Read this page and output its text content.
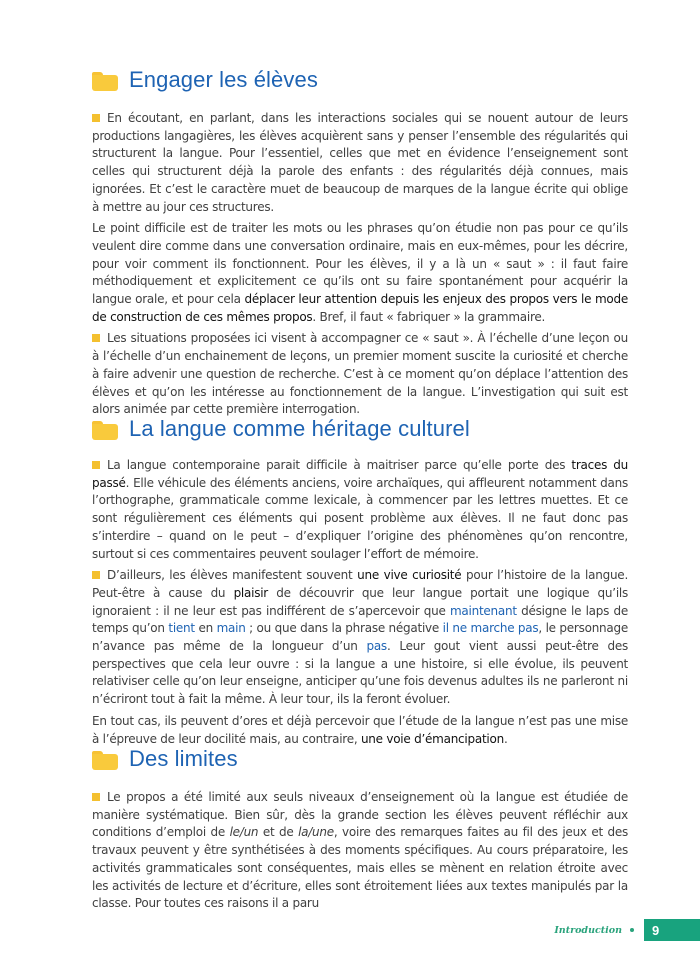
Engager les élèves

En écoutant, en parlant, dans les interactions sociales qui se nouent autour de leurs productions langagières, les élèves acquièrent sans y penser l’ensemble des régularités qui structurent la langue. Pour l’essentiel, celles que met en évidence l’enseignement sont celles qui structurent déjà la parole des enfants : des régularités déjà connues, mais ignorées. Et c’est le caractère muet de beaucoup de marques de la langue écrite qui oblige à mettre au jour ces structures.

Le point difficile est de traiter les mots ou les phrases qu’on étudie non pas pour ce qu’ils veulent dire comme dans une conversation ordinaire, mais en eux-mêmes, pour les décrire, pour voir comment ils fonctionnent. Pour les élèves, il y a là un « saut » : il faut faire méthodiquement et explicitement ce qu’ils ont su faire spontanément pour acquérir la langue orale, et pour cela déplacer leur attention depuis les enjeux des propos vers le mode de construction de ces mêmes propos. Bref, il faut « fabriquer » la grammaire.

Les situations proposées ici visent à accompagner ce « saut ». À l’échelle d’une leçon ou à l’échelle d’un enchainement de leçons, un premier moment suscite la curiosité et cherche à faire advenir une question de recherche. C’est à ce moment qu’on déplace l’attention des élèves et qu’on les intéresse au fonctionnement de la langue. L’investigation qui suit est alors animée par cette première interrogation.

La langue comme héritage culturel

La langue contemporaine parait difficile à maitriser parce qu’elle porte des traces du passé. Elle véhicule des éléments anciens, voire archaïques, qui affleurent notamment dans l’orthographe, grammaticale comme lexicale, à commencer par les lettres muettes. Et ce sont régulièrement ces éléments qui posent problème aux élèves. Il ne faut donc pas s’interdire – quand on le peut – d’expliquer l’origine des phénomènes qu’on rencontre, surtout si ces commentaires peuvent soulager l’effort de mémoire.

D’ailleurs, les élèves manifestent souvent une vive curiosité pour l’histoire de la langue. Peut-être à cause du plaisir de découvrir que leur langue portait une logique qu’ils ignoraient : il ne leur est pas indifférent de s’apercevoir que maintenant désigne le laps de temps qu’on tient en main ; ou que dans la phrase négative il ne marche pas, le personnage n’avance pas même de la longueur d’un pas. Leur gout vient aussi peut-être des perspectives que cela leur ouvre : si la langue a une histoire, si elle évolue, ils peuvent relativiser celle qu’on leur enseigne, anticiper qu’une fois devenus adultes ils ne parleront ni n’écriront tout à fait la même. À leur tour, ils la feront évoluer.

En tout cas, ils peuvent d’ores et déjà percevoir que l’étude de la langue n’est pas une mise à l’épreuve de leur docilité mais, au contraire, une voie d’émancipation.

Des limites

Le propos a été limité aux seuls niveaux d’enseignement où la langue est étudiée de manière systématique. Bien sûr, dès la grande section les élèves peuvent réfléchir aux conditions d’emploi de le/un et de la/une, voire des remarques faites au fil des jeux et des travaux peuvent y être synthétisées à des moments spécifiques. Au cours préparatoire, les activités grammaticales sont conséquentes, mais elles se mènent en relation étroite avec les activités de lecture et d’écriture, elles sont étroitement liées aux textes manipulés par la classe. Pour toutes ces raisons il a paru

Introduction	9
